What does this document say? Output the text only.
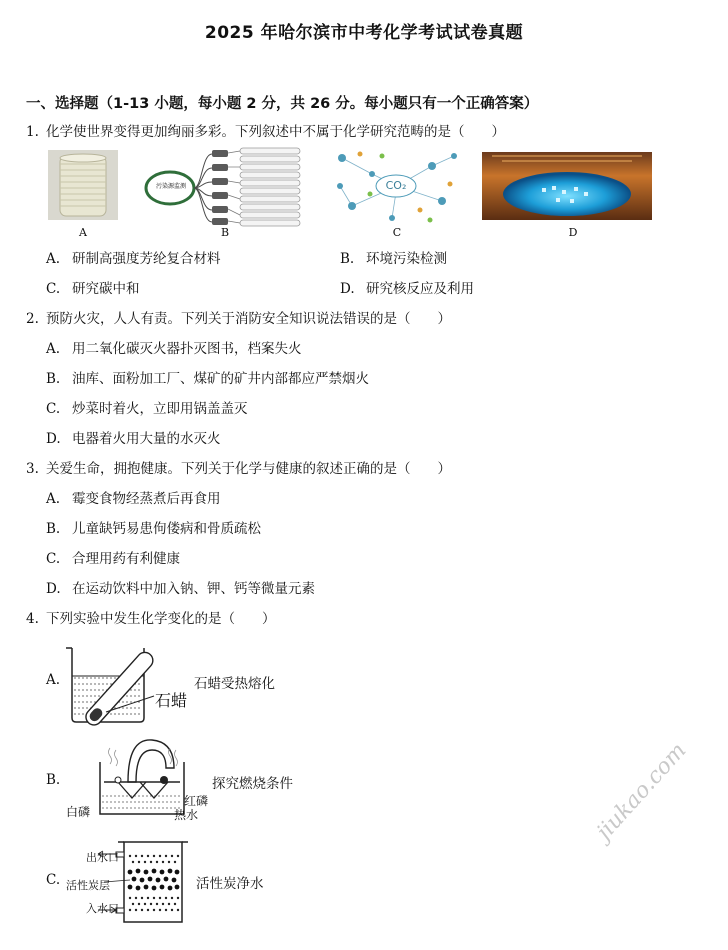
2025 年哈尔滨市中考化学考试试卷真题
一、选择题（1-13 小题，每小题 2 分，共 26 分。每小题只有一个正确答案）
1. 化学使世界变得更加绚丽多彩。下列叙述中不属于化学研究范畴的是（　　）
A
污染源监测
B
CO₂
C	D
A. 研制高强度芳纶复合材料	B. 环境污染检测
C. 研究碳中和	D. 研究核反应及利用
2. 预防火灾，人人有责。下列关于消防安全知识说法错误的是（　　）
A. 用二氧化碳灭火器扑灭图书，档案失火
B. 油库、面粉加工厂、煤矿的矿井内部都应严禁烟火
C. 炒菜时着火，立即用锅盖盖灭
D. 电器着火用大量的水灭火
3. 关爱生命，拥抱健康。下列关于化学与健康的叙述正确的是（　　）
A. 霉变食物经蒸煮后再食用
B. 儿童缺钙易患佝偻病和骨质疏松
C. 合理用药有利健康
D. 在运动饮料中加入钠、钾、钙等微量元素
4. 下列实验中发生化学变化的是（　　）
A.
石蜡
石蜡受热熔化
B.
白磷
红磷
热水
探究燃烧条件
C.
出水口
活性炭层
入水口
活性炭净水
jiukao.com
